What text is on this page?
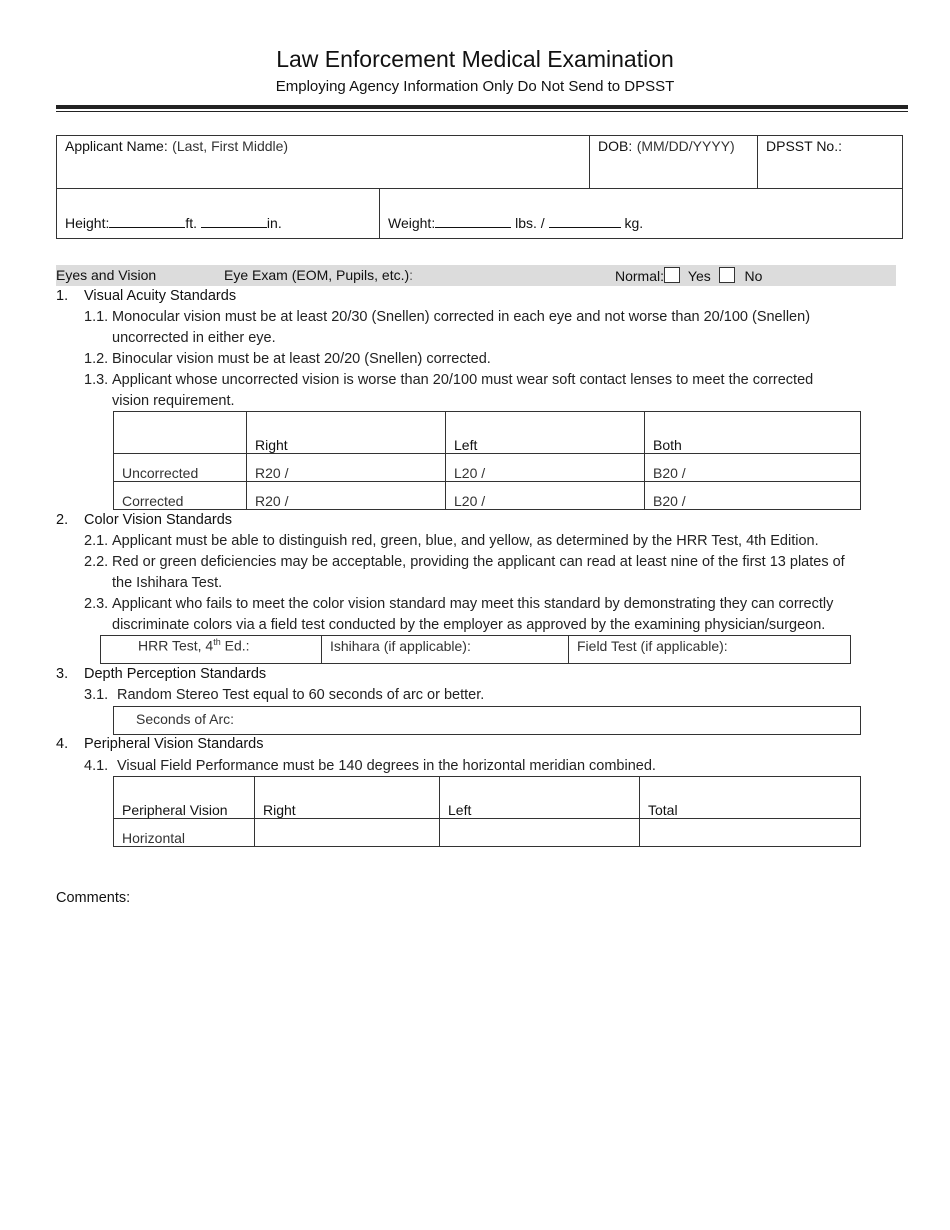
Law Enforcement Medical Examination
Employing Agency Information Only Do Not Send to DPSST
Applicant Name: (Last, First Middle)	DOB: (MM/DD/YYYY) DPSST No.:
Height:	ft.	in.	Weight:	lbs. /	kg.
Eyes and Vision	Eye Exam (EOM, Pupils, etc.):	Normal: Yes No
1. Visual Acuity Standards
1.1. Monocular vision must be at least 20/30 (Snellen) corrected in each eye and not worse than 20/100 (Snellen)
uncorrected in either eye.
1.2. Binocular vision must be at least 20/20 (Snellen) corrected.
1.3. Applicant whose uncorrected vision is worse than 20/100 must wear soft contact lenses to meet the corrected
vision requirement.
	Right	Left	Both
Uncorrected	R20 /	L20 /	B20 /
Corrected	R20 /	L20 /	B20 /
2. Color Vision Standards
2.1. Applicant must be able to distinguish red, green, blue, and yellow, as determined by the HRR Test, 4th Edition.
2.2. Red or green deficiencies may be acceptable, providing the applicant can read at least nine of the first 13 plates of
the Ishihara Test.
2.3. Applicant who fails to meet the color vision standard may meet this standard by demonstrating they can correctly
discriminate colors via a field test conducted by the employer as approved by the examining physician/surgeon.
HRR Test, 4th Ed.:	Ishihara (if applicable):	Field Test (if applicable):
3. Depth Perception Standards
3.1. Random Stereo Test equal to 60 seconds of arc or better.
Seconds of Arc:
4. Peripheral Vision Standards
4.1. Visual Field Performance must be 140 degrees in the horizontal meridian combined.
Peripheral Vision	Right	Left	Total
Horizontal			
Comments:
